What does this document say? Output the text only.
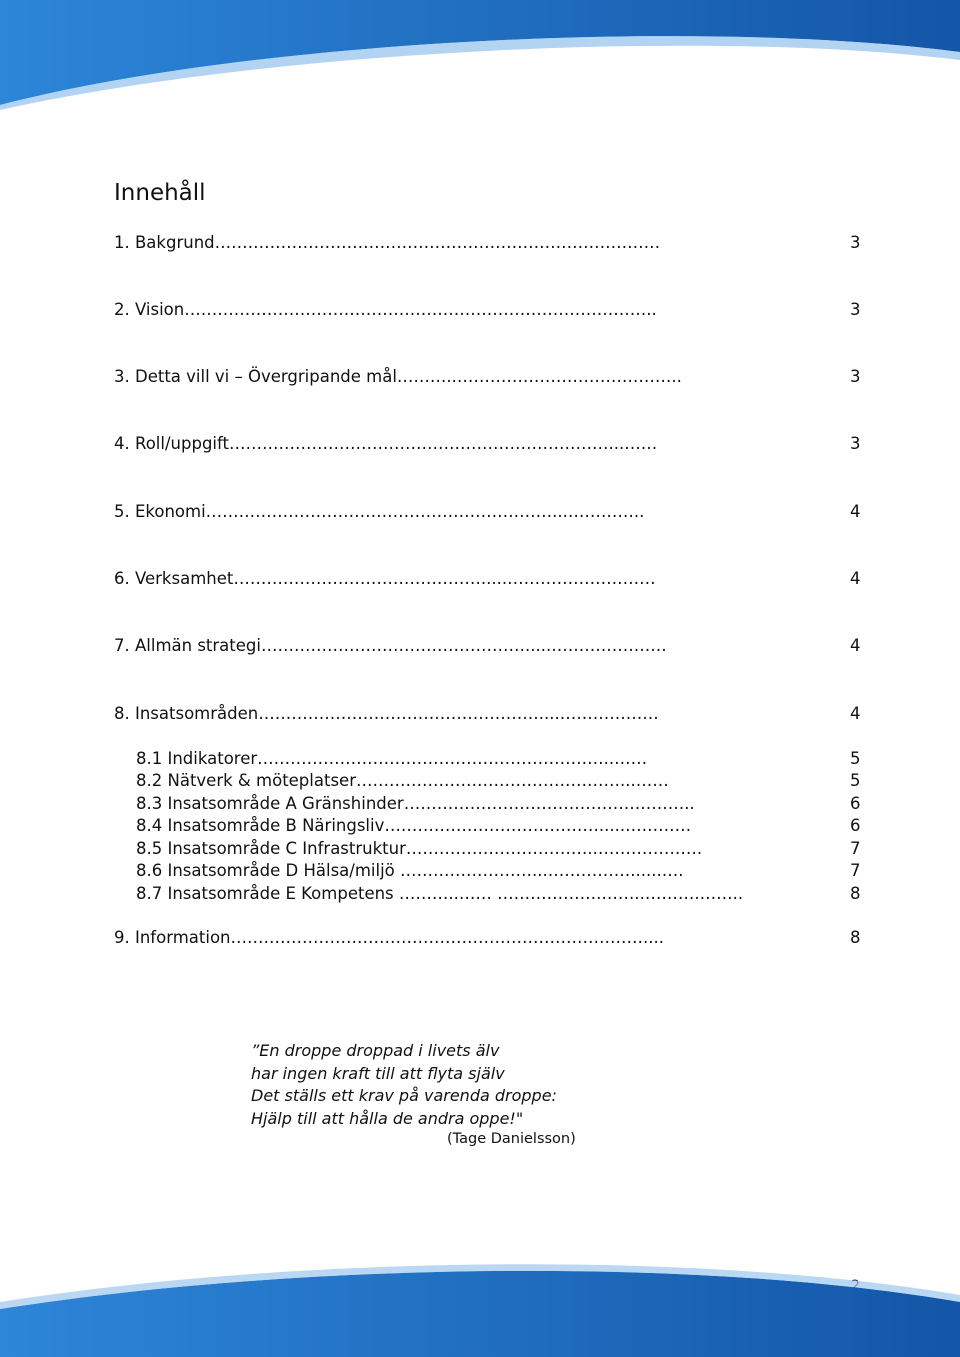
Innehåll
1. Bakgrund………………………………………………………………………	3
2. Vision…………………………………………………………………………..	3
3. Detta vill vi – Övergripande mål………..…………………………………..	3
4. Roll/uppgift……………………………………………………………...……	3
5. Ekonomi………………………………………………………...…………..	4
6. Verksamhet……………………………………….....………………………	4
7. Allmän strategi………………………………………….....…………………	4
8. Insatsområden……………………………………………....………………	4
8.1 Indikatorer………………………………………………………..……	5
8.2 Nätverk & möteplatser…………………………………………...……	5
8.3 Insatsområde A Gränshinder……………………………………………..	6
8.4 Insatsområde B Näringsliv………………………………….....…………	6
8.5 Insatsområde C Infrastruktur……………………………..……………….	7
8.6 Insatsområde D Hälsa/miljö ……………………...……………......….	7
8.7 Insatsområde E Kompetens ………..…… ……………….……..……….……..	8
9. Information…………………………………………………………………....	8
”En droppe droppad i livets älv
har ingen kraft till att flyta själv
Det ställs ett krav på varenda droppe:
Hjälp till att hålla de andra oppe!"
(Tage Danielsson)
